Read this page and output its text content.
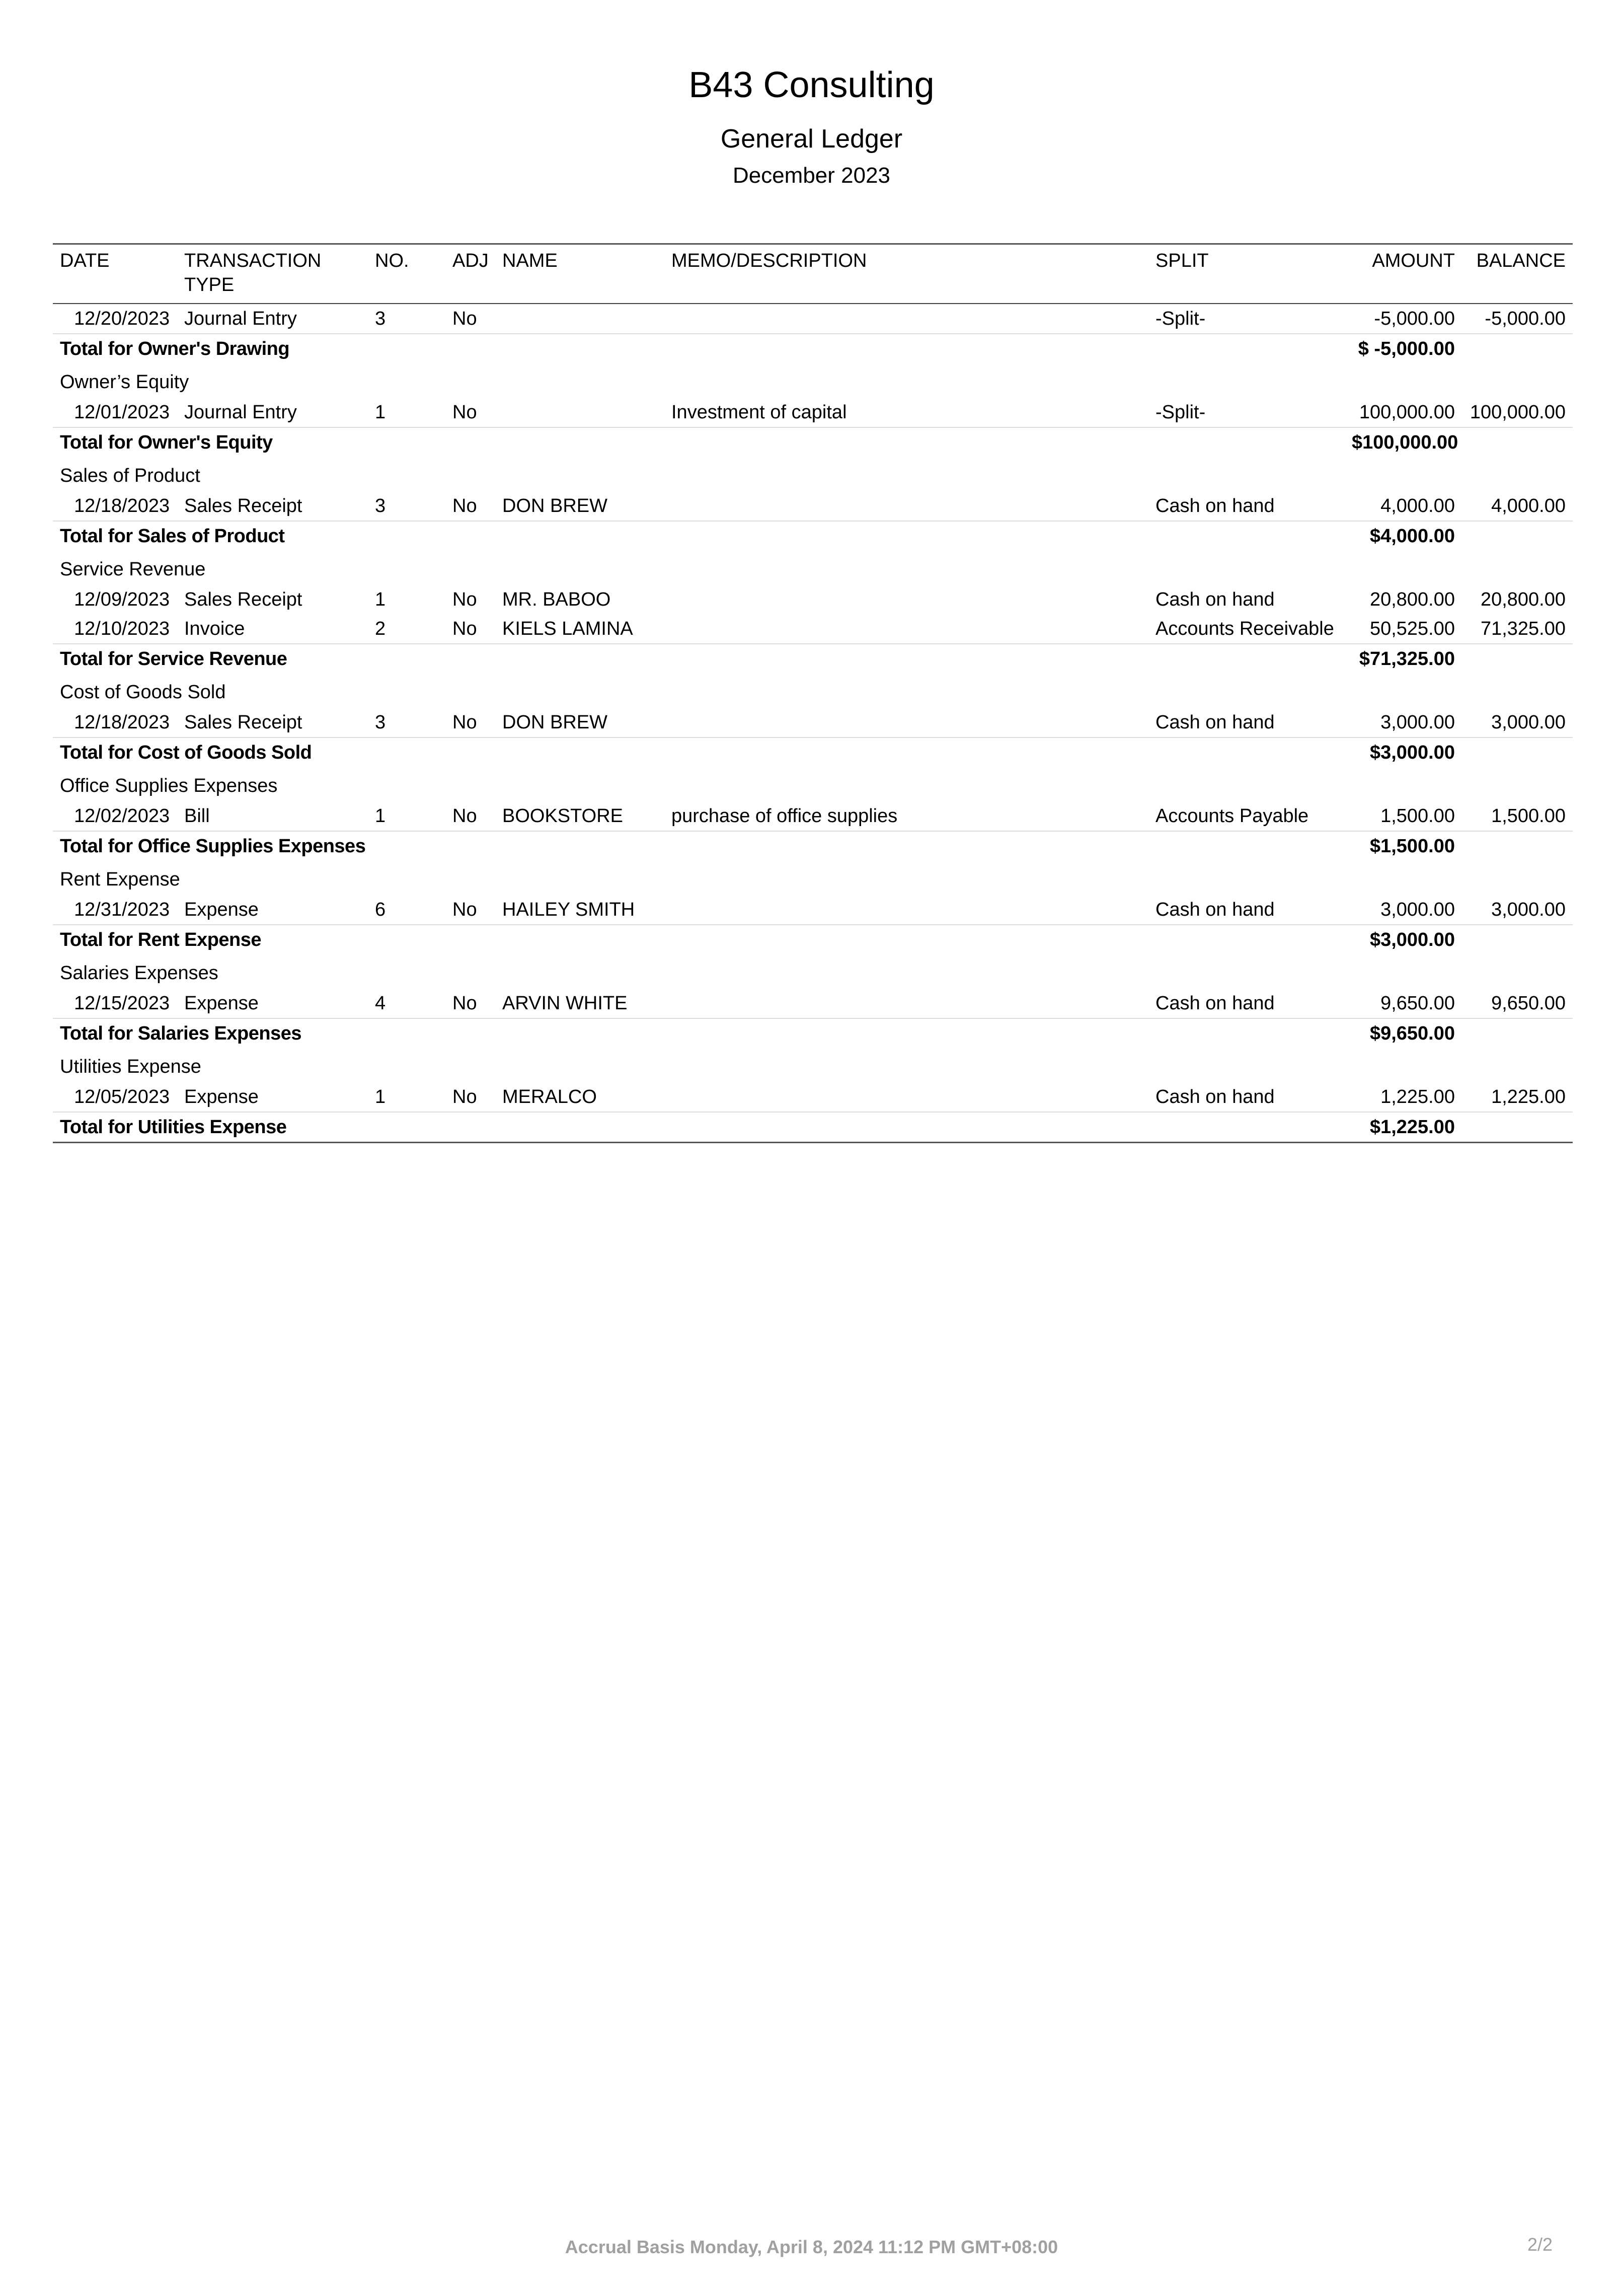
B43 Consulting
General Ledger
December 2023
DATE	TRANSACTION TYPE	NO.	ADJ	NAME	MEMO/DESCRIPTION	SPLIT	AMOUNT	BALANCE
12/20/2023	Journal Entry	3	No			-Split-	-5,000.00	-5,000.00
Total for Owner's Drawing							$ -5,000.00	
Owner’s Equity								
12/01/2023	Journal Entry	1	No		Investment of capital	-Split-	100,000.00	100,000.00
Total for Owner's Equity							$100,000.00	
Sales of Product								
12/18/2023	Sales Receipt	3	No	DON BREW		Cash on hand	4,000.00	4,000.00
Total for Sales of Product							$4,000.00	
Service Revenue								
12/09/2023	Sales Receipt	1	No	MR. BABOO		Cash on hand	20,800.00	20,800.00
12/10/2023	Invoice	2	No	KIELS LAMINA		Accounts Receivable	50,525.00	71,325.00
Total for Service Revenue							$71,325.00	
Cost of Goods Sold								
12/18/2023	Sales Receipt	3	No	DON BREW		Cash on hand	3,000.00	3,000.00
Total for Cost of Goods Sold							$3,000.00	
Office Supplies Expenses								
12/02/2023	Bill	1	No	BOOKSTORE	purchase of office supplies	Accounts Payable	1,500.00	1,500.00
Total for Office Supplies Expenses							$1,500.00	
Rent Expense								
12/31/2023	Expense	6	No	HAILEY SMITH		Cash on hand	3,000.00	3,000.00
Total for Rent Expense							$3,000.00	
Salaries Expenses								
12/15/2023	Expense	4	No	ARVIN WHITE		Cash on hand	9,650.00	9,650.00
Total for Salaries Expenses							$9,650.00	
Utilities Expense								
12/05/2023	Expense	1	No	MERALCO		Cash on hand	1,225.00	1,225.00
Total for Utilities Expense							$1,225.00	
Accrual Basis Monday, April 8, 2024 11:12 PM GMT+08:00	2/2
